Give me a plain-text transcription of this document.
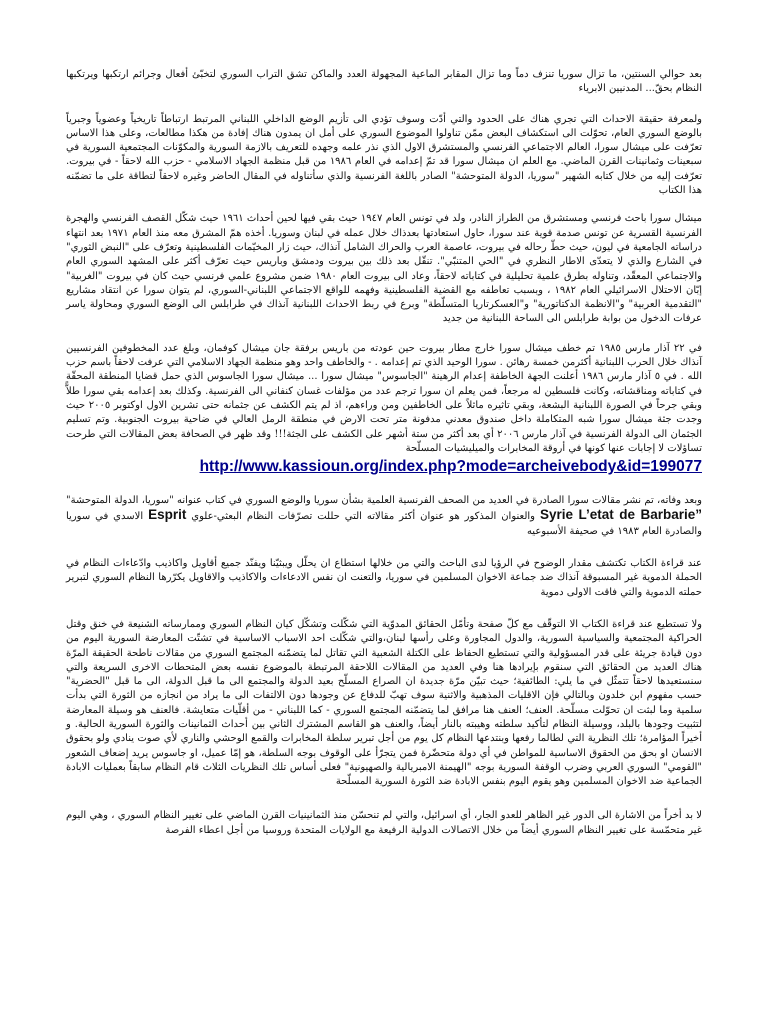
بعد حوالي السنتين، ما تزال سوريا تنزف دماً وما تزال المقابر الماعية المجهولة العدد والماكن تشق التراب السوري لتخبّئ أفعال وجرائم ارتكبها ويرتكبها النظام بحقّ... المدنيين الابرياء

ولمعرفة حقيقة الاحداث التي تجري هناك على الحدود والتي أدّت وسوف تؤدي الى تأزيم الوضع الداخلي اللبناني المرتبط ارتباطاً تاريخياً وعضوياً وجبرياً بالوضع السوري العام، تحوّلت الى استكشاف البعض ممّن تناولوا الموضوع السوري على أمل ان يمدون هناك إفادة من هكذا مطالعات، وعلى هذا الاساس تعرّفت على ميشال سورا، العالم الاجتماعي الفرنسي والمستشرق الاول الذي نذر علمه وجهده للتعريف بالازمة السورية والمكوّنات المجتمعية السورية في سبعينات وثمانينات القرن الماضي. مع العلم ان ميشال سورا قد تمّ إعدامه في العام ١٩٨٦ من قبل منظمة الجهاد الاسلامي - حزب الله لاحقاً - في بيروت. تعرّفت إليه من خلال كتابه الشهير "سوريا، الدولة المتوحشة" الصادر باللغة الفرنسية والذي سأتناوله في المقال الحاضر وغيره لاحقاً لتطاقة على ما تضمّنه هذا الكتاب

ميشال سورا باحث فرنسي ومستشرق من الطراز النادر، ولد في تونس العام ١٩٤٧ حيث بقي فيها لحين أحداث ١٩٦١ حيث شكّل القصف الفرنسي والهجرة الفرنسية القسرية عن تونس صدمة قوية عند سورا، حاول استعادتها بعدذاك خلال عمله في لبنان وسوريا. أخذه همّ المشرق معه منذ العام ١٩٧١ بعد انتهاء دراساته الجامعية في ليون، حيث حطّ رحاله في بيروت، عاصمة العرب والحراك الشامل آنذاك، حيث زار المخيّمات الفلسطينية وتعرّف على "النبض الثوري" في الشارع والذي لا يتعدّى الاطار النظري في "الحي المتنبّي". تنقّل بعد ذلك بين بيروت ودمشق وباريس حيث تعرّف أكثر على المشهد السوري العام والاجتماعي المعقّد، وتناوله بطرق علمية تحليلية في كتاباته لاحقاً، وعاد الى بيروت العام ١٩٨٠ ضمن مشروع علمي فرنسي حيث كان في بيروت "الغربية" إبّان الاحتلال الاسرائيلي العام ١٩٨٢ ، وبسبب تعاطفه مع القضية الفلسطينية وفهمه للواقع الاجتماعي اللبناني-السوري، لم يتوان سورا عن انتقاد مشاريع "التقدمية العربية" و"الانظمة الدكتاتورية" و"العسكرتاريا المتسلّطة" وبرع في ربط الاحداث اللبنانية آنذاك في طرابلس الى الوضع السوري ومحاولة ياسر عرفات الدخول من بوابة طرابلس الى الساحة اللبنانية من جديد

في ٢٢ آذار مارس ١٩٨٥ تم خطف ميشال سورا خارج مطار بيروت حين عودته من باريس برفقة جان ميشال كوفمان، وبلغ عدد المخطوفين الفرنسيين آنذاك خلال الحرب اللبنانية أكثرمن خمسة رهائن . سورا الوحيد الذي تم إعدامه . - والخاطف واحد وهو منظمة الجهاد الاسلامي التي عرفت لاحقاً باسم حزب الله . في ٥ آذار مارس ١٩٨٦ أعلنت الجهة الخاطفة إعدام الرهينة "الجاسوس" ميشال سورا ... ميشال سورا الجاسوس الذي حمل قضايا المنطقة المحقّة في كتاباته ومناقشاته، وكانت فلسطين له مرجعاً، فمن يعلم ان سورا ترجم عدد من مؤلفات غسان كنفاني الى الفرنسية. وكذلك بعد إعدامه بقي سورا طلاًّ وبقي جرحاً في الصورة اللبنانية البشعة، وبقي تاثيره ماثلاً على الخاطفين ومن وراءهم، اذ لم يتم الكشف عن جثمانه حتى تشرين الاول اوكتوبر ٢٠٠٥ حيث وجدت جثة ميشال سورا شبه المتكاملة داخل صندوق معدني مدفونة متر تحت الارض في منطقة الرمل العالي في ضاحية بيروت الجنوبية. وتم تسليم الجثمان الى الدولة الفرنسية في آذار مارس ٢٠٠٦ أي بعد أكثر من ستة أشهر على الكشف على الجثة!!! وقد ظهر في الصحافة بعض المقالات التي طرحت تساؤلات لا إجابات عنها كونها في أروقة المخابرات والميليشيات المسلّحة

http://www.kassioun.org/index.php?mode=archeivebody&id=199077

وبعد وفاته، تم نشر مقالات سورا الصادرة في العديد من الصحف الفرنسية العلمية بشأن سوريا والوضع السوري في كتاب عنوانه "سوريا، الدولة المتوحشة" Syrie L’etat de Barbarie” والعنوان المذكور هو عنوان أكثر مقالاته التي حللت تصرّفات النظام البعثي-علوي Esprit الاسدي في سوريا والصادرة العام ١٩٨٣ في صحيفة الأسبوعيه

عند قراءة الكتاب تكتشف مقدار الوضوح في الرؤيا لدى الباحث والتي من خلالها استطاع ان يحلّل ويبثيّنا ويفنّد جميع أقاويل واكاذيب وادّعاءات النظام في الحملة الدموية غير المسبوقة آنذاك ضد جماعة الاخوان المسلمين في سوريا، والتعنت ان نفس الادعاءات والاكاذيب والاقاويل يكرّرها النظام السوري لتبرير حملته الدموية والتي فاقت الاولى دموية

ولا تستطيع عند قراءة الكتاب الا التوقّف مع كلّ صفحة وتأمّل الحقائق المدوّية التي شكّلت وتشكّل كيان النظام السوري وممارساته الشنيعة في خنق وقتل الحراكية المجتمعية والسياسية السورية، والدول المجاورة وعلى رأسها لبنان،والتي شكّلت احد الاسباب الاساسية في تشتّت المعارضة السورية اليوم من دون قيادة جريئة على قدر المسؤولية والتي تستطيع الحفاظ على الكتلة الشعبية التي تقاتل لما يتضمّنه المجتمع السوري من مقالات ناطحة الحقيقة المرّة هناك العديد من الحقائق التي سنقوم بإيرادها هنا وفي العديد من المقالات اللاحقة المرتبطة بالموضوع نفسه بعض المتحطات الاخرى السريعة والتي سنستعيدها لاحقاً تتمثّل في ما يلي: الطائفية؛ حيث تبيّن مرّة جديدة ان الصراع المسلّح بعيد الدولة والمجتمع الى ما قبل الدولة، الى ما قبل "الحضرية" حسب مفهوم ابن خلدون وبالتالي فإن الاقليات المذهبية والاثنية سوف تهبّ للدفاع عن وجودها دون الالتفات الى ما يراد من انجازه من الثورة التي بدأت سلمية وما لبثت ان تحوّلت مسلّحة. العنف؛ العنف هنا مرافق لما يتضمّنه المجتمع السوري - كما اللبناني - من أقلّيات متعايشة. فالعنف هو وسيلة المعارضة لتثبيت وجودها بالبلد، ووسيلة النظام لتأكيد سلطته وهيبته بالنار أيضاً، والعنف هو القاسم المشترك الثاني بين أحداث الثمانينات والثورة السورية الحالية. و أخيراً المؤامرة؛ تلك النظرية التي لطالما رفعها وبنتدعها النظام كل يوم من أجل تبرير سلطة المخابرات والقمع الوحشي والناري لأي صوت ينادي ولو بحقوق الانسان او بحق من الحقوق الاساسية للمواطن في أي دولة متحضّرة فمن يتجرّأ على الوقوف بوجه السلطة، هو إمّا عميل، او جاسوس يريد إضعاف الشعور "القومي" السوري العربي وضرب الوقفة السورية بوجه "الهيمنة الامبريالية والصهيونية" فعلى أساس تلك النظريات الثلاث قام النظام سابقاً بعمليات الابادة الجماعية ضد الاخوان المسلمين وهو يقوم اليوم بنفس الابادة ضد الثورة السورية المسلّحة

لا بد أخراً من الاشارة الى الدور غير الظاهر للعدو الجار، أي اسرائيل، والتي لم تنحسّن منذ الثمانينيات القرن الماضي على تغيير النظام السوري ، وهي اليوم غير متحمّسة على تغيير النظام السوري أيضاً من خلال الاتصالات الدولية الرفيعة مع الولايات المتحدة وروسيا من أجل اعطاء الفرصة
